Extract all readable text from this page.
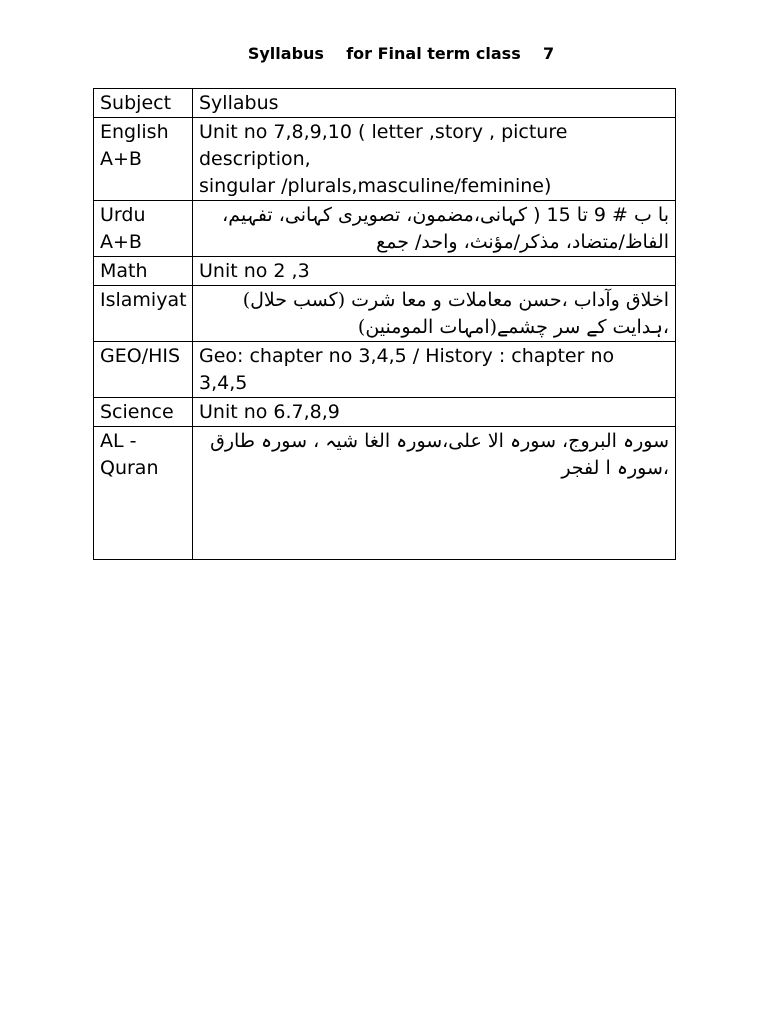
Syllabus    for Final term class    7
Subject	Syllabus

English
A+B	Unit no 7,8,9,10 ( letter ,story , picture
description,
singular /plurals,masculine/feminine)

Urdu
A+B	با ب # 9 تا 15 ( کہانی،مضمون، تصویری کہانی، تفہیم، الفاظ/متضاد، مذکر/مؤنث، واحد/ جمع
Math	Unit no 2 ,3
Islamiyat	اخلاق وآداب ،حسن معاملات و معا شرت (کسب حلال) ،ہدایت کے سر چشمے(امہات المومنین)
GEO/HIS	Geo: chapter no 3,4,5 / History : chapter no
3,4,5

Science	Unit no 6.7,8,9

AL -
Quran	سورہ البروج، سورہ الا علی،سورہ الغا شیہ ، سورہ طارق ،سورہ ا لفجر
